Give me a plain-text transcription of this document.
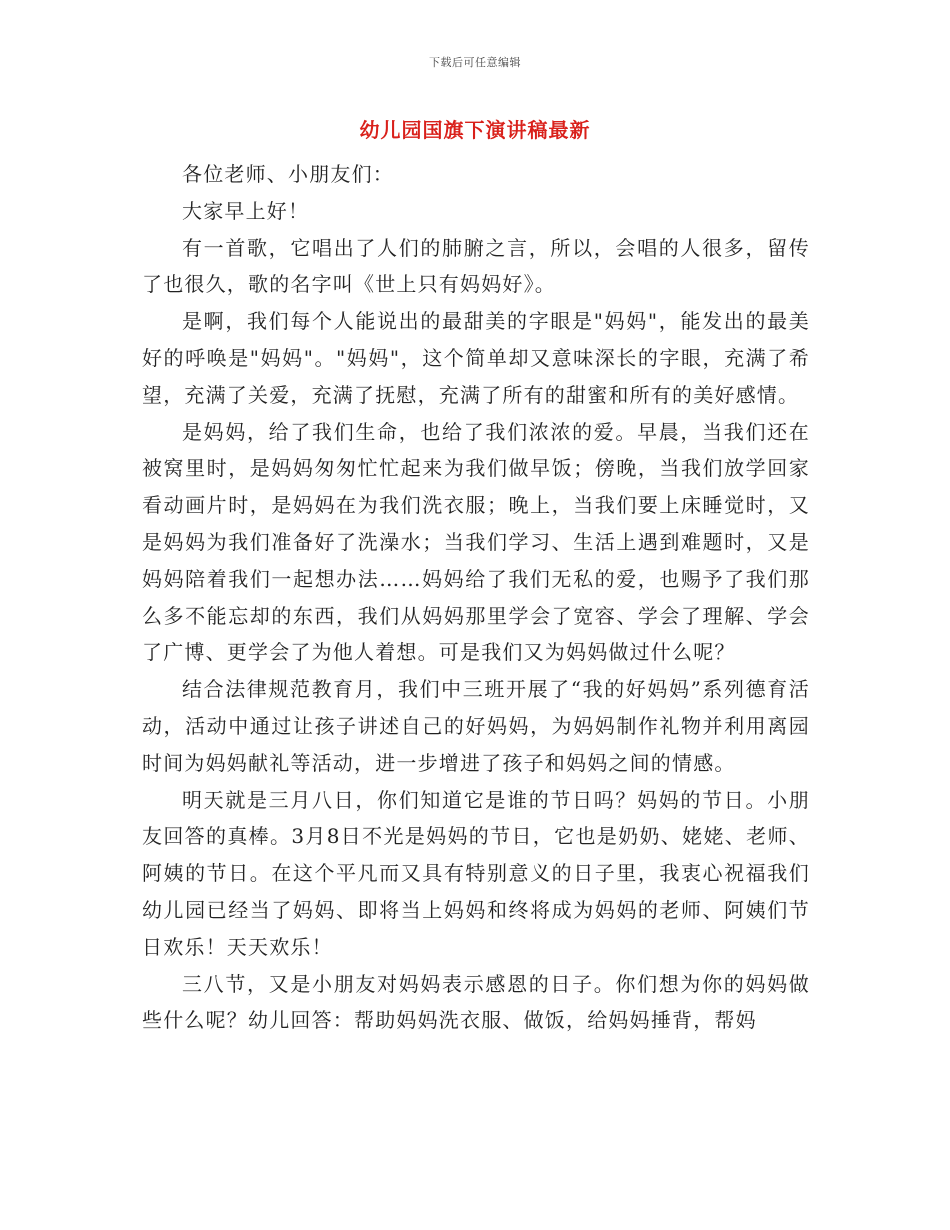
下载后可任意编辑
幼儿园国旗下演讲稿最新

各位老师、小朋友们：

大家早上好！

有一首歌，它唱出了人们的肺腑之言，所以，会唱的人很多，留传了也很久，歌的名字叫《世上只有妈妈好》。

是啊，我们每个人能说出的最甜美的字眼是"妈妈"，能发出的最美好的呼唤是"妈妈"。"妈妈"，这个简单却又意味深长的字眼，充满了希望，充满了关爱，充满了抚慰，充满了所有的甜蜜和所有的美好感情。

是妈妈，给了我们生命，也给了我们浓浓的爱。早晨，当我们还在被窝里时，是妈妈匆匆忙忙起来为我们做早饭；傍晚，当我们放学回家看动画片时，是妈妈在为我们洗衣服；晚上，当我们要上床睡觉时，又是妈妈为我们准备好了洗澡水；当我们学习、生活上遇到难题时，又是妈妈陪着我们一起想办法……妈妈给了我们无私的爱，也赐予了我们那么多不能忘却的东西，我们从妈妈那里学会了宽容、学会了理解、学会了广博、更学会了为他人着想。可是我们又为妈妈做过什么呢？

结合法律规范教育月，我们中三班开展了“我的好妈妈”系列德育活动，活动中通过让孩子讲述自己的好妈妈，为妈妈制作礼物并利用离园时间为妈妈献礼等活动，进一步增进了孩子和妈妈之间的情感。

明天就是三月八日，你们知道它是谁的节日吗？妈妈的节日。小朋友回答的真棒。3月8日不光是妈妈的节日，它也是奶奶、姥姥、老师、阿姨的节日。在这个平凡而又具有特别意义的日子里，我衷心祝福我们幼儿园已经当了妈妈、即将当上妈妈和终将成为妈妈的老师、阿姨们节日欢乐！天天欢乐！

三八节，又是小朋友对妈妈表示感恩的日子。你们想为你的妈妈做些什么呢？幼儿回答：帮助妈妈洗衣服、做饭，给妈妈捶背，帮妈
